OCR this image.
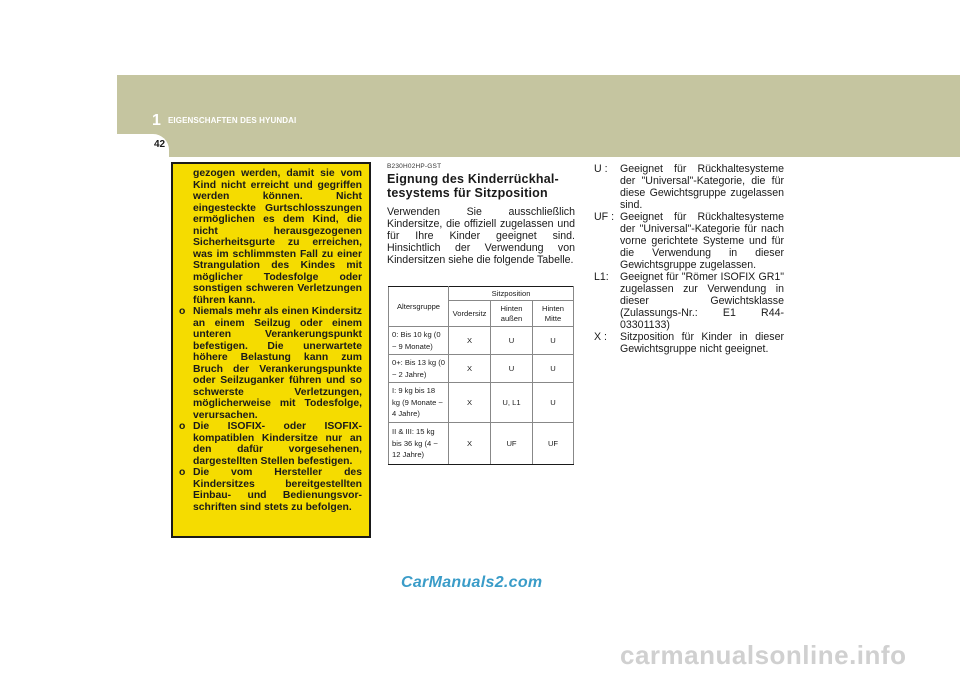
1 EIGENSCHAFTEN DES HYUNDAI
42

gezogen werden, damit sie vom Kind nicht erreicht und gegriffen werden können. Nicht eingesteckte Gurtschlosszungen ermöglichen es dem Kind, die nicht herausgezogenen Sicherheitsgurte zu erreichen, was im schlimmsten Fall zu einer Strangulation des Kindes mit möglicher Todesfolge oder sonstigen schweren Verletzungen führen kann.

o Niemals mehr als einen Kindersitz an einem Seilzug oder einem unteren Verankerungspunkt befestigen. Die unerwartete höhere Belastung kann zum Bruch der Verankerungspunkte oder Seilzuganker führen und so schwerste Verletzungen, möglicherweise mit Todesfolge, verursachen.
o Die ISOFIX- oder ISOFIX-kompatiblen Kindersitze nur an den dafür vorgesehenen, dargestellten Stellen befestigen.
o Die vom Hersteller des Kindersitzes bereitgestellten Einbau- und Bedienungsvor-schriften sind stets zu befolgen.
B230H02HP-GST
Eignung des Kinderrückhal-tesystems für Sitzposition
Verwenden Sie ausschließlich Kindersitze, die offiziell zugelassen und für Ihre Kinder geeignet sind. Hinsichtlich der Verwendung von Kindersitzen siehe die folgende Tabelle.
Altersgruppe	Sitzposition		
	Vordersitz	Hinten außen	Hinten Mitte
0: Bis 10 kg (0 ~ 9 Monate)	X	U	U
0+: Bis 13 kg (0 ~ 2 Jahre)	X	U	U
I: 9 kg bis 18 kg (9 Monate ~ 4 Jahre)	X	U, L1	U
II & III: 15 kg bis 36 kg (4 ~ 12 Jahre)	X	UF	UF
U :	Geeignet für Rückhaltesysteme der "Universal"-Kategorie, die für diese Gewichtsgruppe zugelassen sind.
UF : Geeignet für Rückhaltesysteme der "Universal"-Kategorie für nach vorne gerichtete Systeme und für die Verwendung in dieser Gewichtsgruppe zugelassen.
L1:	Geeignet für "Römer ISOFIX GR1" zugelassen zur Verwendung in dieser Gewichtsklasse (Zulassungs-Nr.: E1 R44-03301133)
X :	Sitzposition für Kinder in dieser Gewichtsgruppe nicht geeignet.
CarManuals2.com
carmanualsonline.info
